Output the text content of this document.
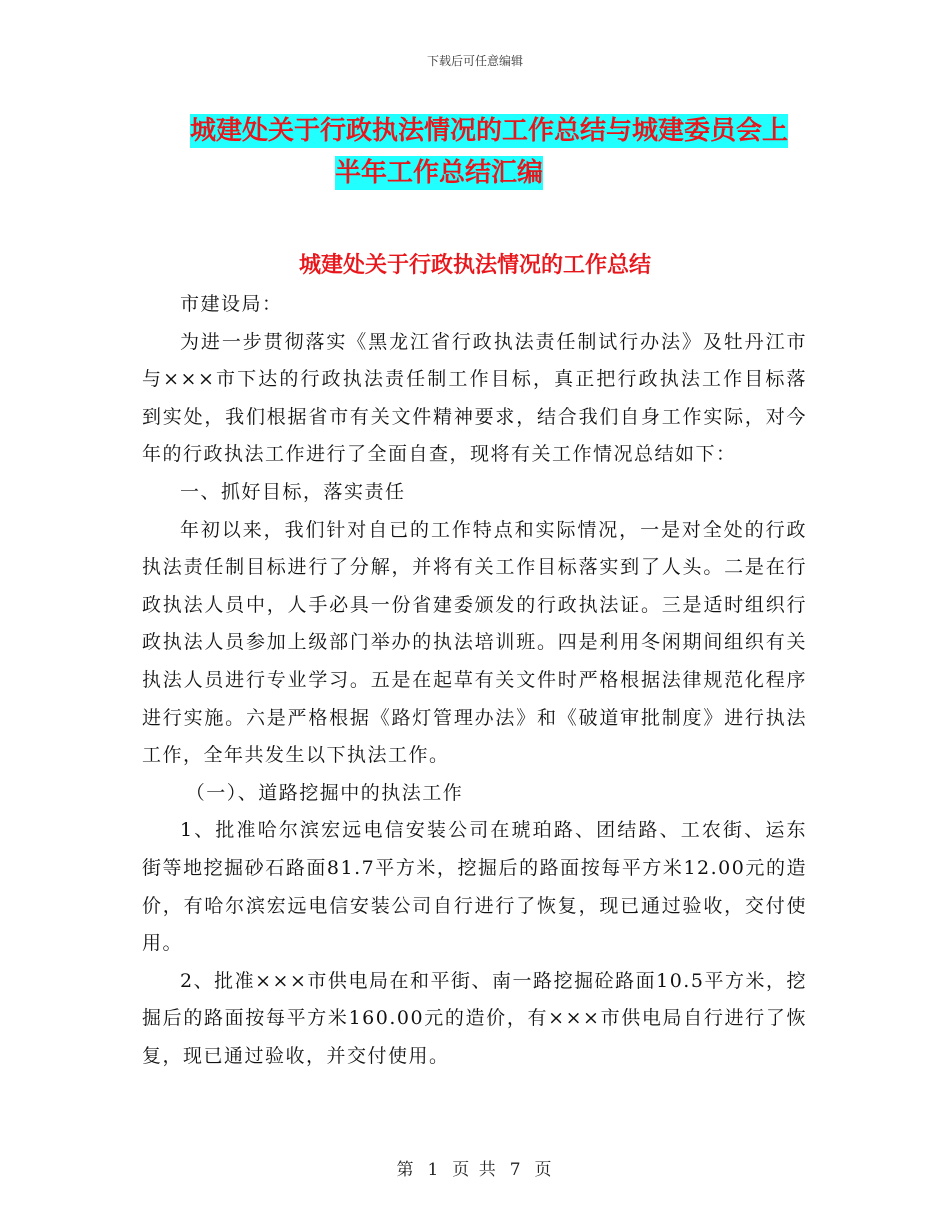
下载后可任意编辑
城建处关于行政执法情况的工作总结与城建委员会上
半年工作总结汇编
城建处关于行政执法情况的工作总结

市建设局：

为进一步贯彻落实《黑龙江省行政执法责任制试行办法》及牡丹江市与×××市下达的行政执法责任制工作目标，真正把行政执法工作目标落到实处，我们根据省市有关文件精神要求，结合我们自身工作实际，对今年的行政执法工作进行了全面自查，现将有关工作情况总结如下：

一、抓好目标，落实责任

年初以来，我们针对自已的工作特点和实际情况，一是对全处的行政执法责任制目标进行了分解，并将有关工作目标落实到了人头。二是在行政执法人员中，人手必具一份省建委颁发的行政执法证。三是适时组织行政执法人员参加上级部门举办的执法培训班。四是利用冬闲期间组织有关执法人员进行专业学习。五是在起草有关文件时严格根据法律规范化程序进行实施。六是严格根据《路灯管理办法》和《破道审批制度》进行执法工作，全年共发生以下执法工作。

（一）、道路挖掘中的执法工作

1、批准哈尔滨宏远电信安装公司在琥珀路、团结路、工农街、运东街等地挖掘砂石路面81.7平方米，挖掘后的路面按每平方米12.00元的造价，有哈尔滨宏远电信安装公司自行进行了恢复，现已通过验收，交付使用。

2、批准×××市供电局在和平街、南一路挖掘砼路面10.5平方米，挖掘后的路面按每平方米160.00元的造价，有×××市供电局自行进行了恢复，现已通过验收，并交付使用。

第 1 页 共 7 页
